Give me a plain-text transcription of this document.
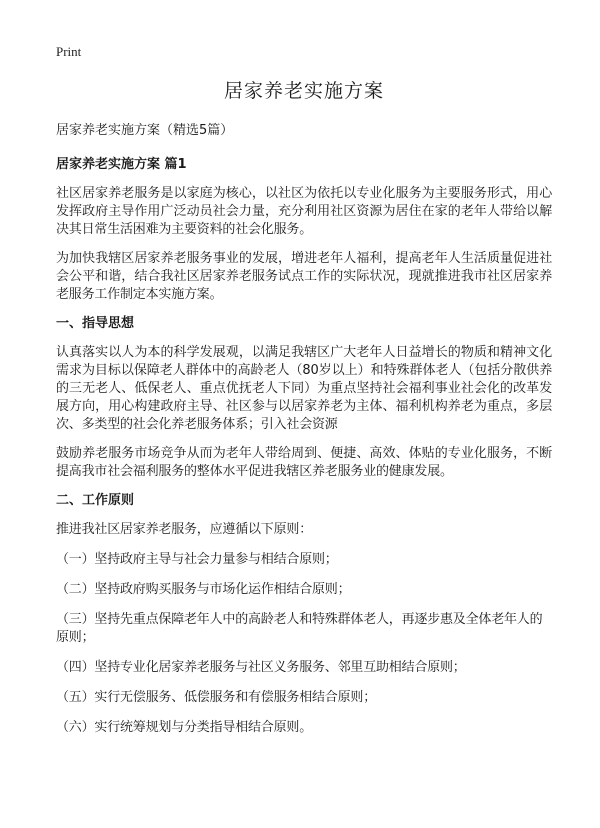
Print
居家养老实施方案

居家养老实施方案（精选5篇）

居家养老实施方案 篇1

社区居家养老服务是以家庭为核心，以社区为依托以专业化服务为主要服务形式，用心发挥政府主导作用广泛动员社会力量，充分利用社区资源为居住在家的老年人带给以解决其日常生活困难为主要资料的社会化服务。

为加快我辖区居家养老服务事业的发展，增进老年人福利，提高老年人生活质量促进社会公平和谐，结合我社区居家养老服务试点工作的实际状况，现就推进我市社区居家养老服务工作制定本实施方案。

一、指导思想

认真落实以人为本的科学发展观，以满足我辖区广大老年人日益增长的物质和精神文化需求为目标以保障老人群体中的高龄老人（80岁以上）和特殊群体老人（包括分散供养的三无老人、低保老人、重点优抚老人下同）为重点坚持社会福利事业社会化的改革发展方向，用心构建政府主导、社区参与以居家养老为主体、福利机构养老为重点，多层次、多类型的社会化养老服务体系；引入社会资源

鼓励养老服务市场竞争从而为老年人带给周到、便捷、高效、体贴的专业化服务，不断提高我市社会福利服务的整体水平促进我辖区养老服务业的健康发展。

二、工作原则

推进我社区居家养老服务，应遵循以下原则：

（一）坚持政府主导与社会力量参与相结合原则；

（二）坚持政府购买服务与市场化运作相结合原则；

（三）坚持先重点保障老年人中的高龄老人和特殊群体老人，再逐步惠及全体老年人的原则；

（四）坚持专业化居家养老服务与社区义务服务、邻里互助相结合原则；

（五）实行无偿服务、低偿服务和有偿服务相结合原则；

（六）实行统筹规划与分类指导相结合原则。
